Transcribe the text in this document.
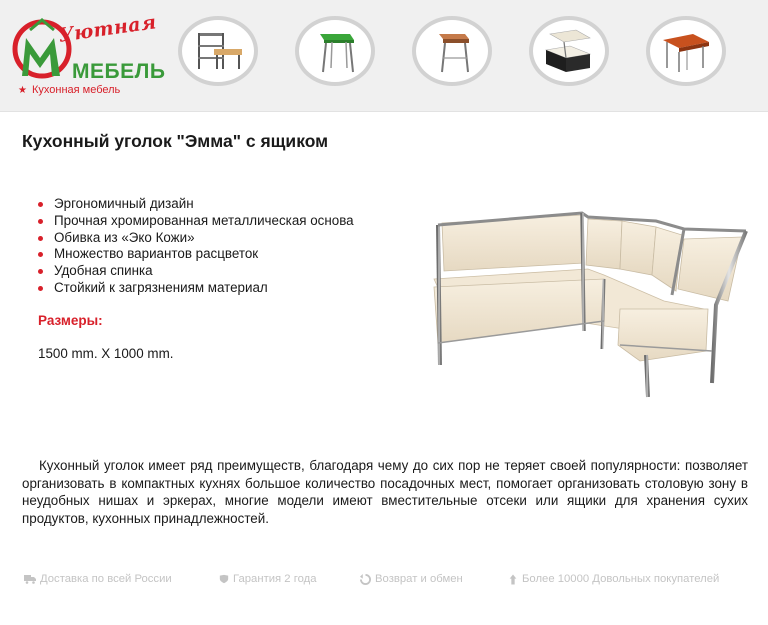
Уютная
МЕБЕЛЬ
★ Кухонная мебель
Кухонный уголок "Эмма" с ящиком
Эргономичный дизайн
Прочная хромированная металлическая основа
Обивка из «Эко Кожи»
Множество вариантов расцветок
Удобная спинка
Стойкий к загрязнениям материал
Размеры:
1500 mm. X 1000 mm.

Кухонный уголок имеет ряд преимуществ, благодаря чему до сих пор не теряет своей популярности: позволяет организовать в компактных кухнях большое количество посадочных мест, помогает организовать столовую зону в неудобных нишах и эркерах, многие модели имеют вместительные отсеки или ящики для хранения сухих продуктов, кухонных принадлежностей.

Доставка по всей России	Гарантия 2 года	Возврат и обмен	Более 10000 Довольных покупателей
